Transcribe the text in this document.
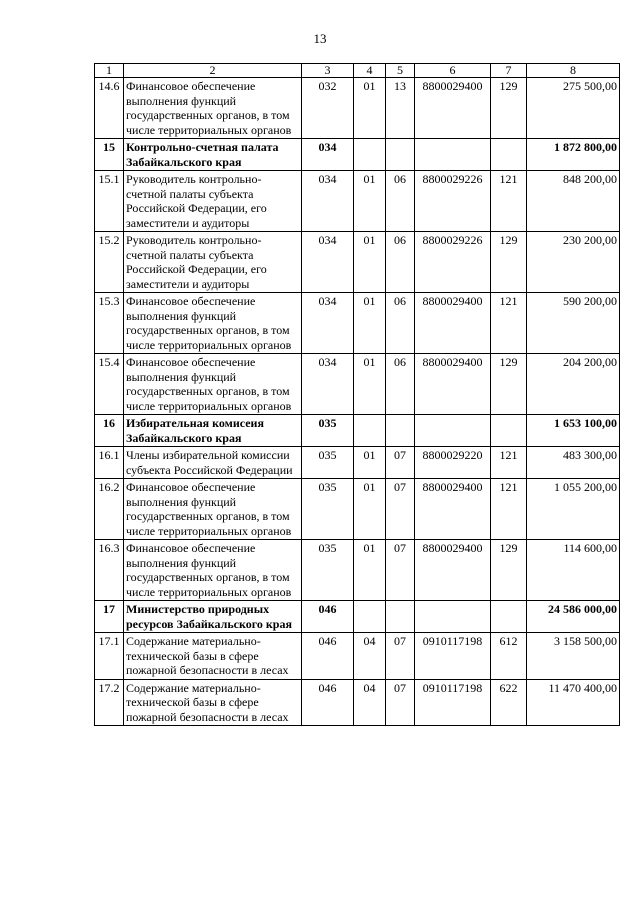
13
1	2	3	4	5	6	7	8
14.6	Финансовое обеспечение выполнения функций государственных органов, в том числе территориальных органов	032	01	13	8800029400	129	275 500,00
15	Контрольно-счетная палата Забайкальского края	034					1 872 800,00
15.1	Руководитель контрольно-счетной палаты субъекта Российской Федерации, его заместители и аудиторы	034	01	06	8800029226	121	848 200,00
15.2	Руководитель контрольно-счетной палаты субъекта Российской Федерации, его заместители и аудиторы	034	01	06	8800029226	129	230 200,00
15.3	Финансовое обеспечение выполнения функций государственных органов, в том числе территориальных органов	034	01	06	8800029400	121	590 200,00
15.4	Финансовое обеспечение выполнения функций государственных органов, в том числе территориальных органов	034	01	06	8800029400	129	204 200,00
16	Избирательная комисеия Забайкальского края	035					1 653 100,00
16.1	Члены избирательной комиссии субъекта Российской Федерации	035	01	07	8800029220	121	483 300,00
16.2	Финансовое обеспечение выполнения функций государственных органов, в том числе территориальных органов	035	01	07	8800029400	121	1 055 200,00
16.3	Финансовое обеспечение выполнения функций государственных органов, в том числе территориальных органов	035	01	07	8800029400	129	114 600,00
17	Министерство природных ресурсов Забайкальского края	046					24 586 000,00
17.1	Содержание материально-технической базы в сфере пожарной безопасности в лесах	046	04	07	0910117198	612	3 158 500,00
17.2	Содержание материально-технической базы в сфере пожарной безопасности в лесах	046	04	07	0910117198	622	11 470 400,00
